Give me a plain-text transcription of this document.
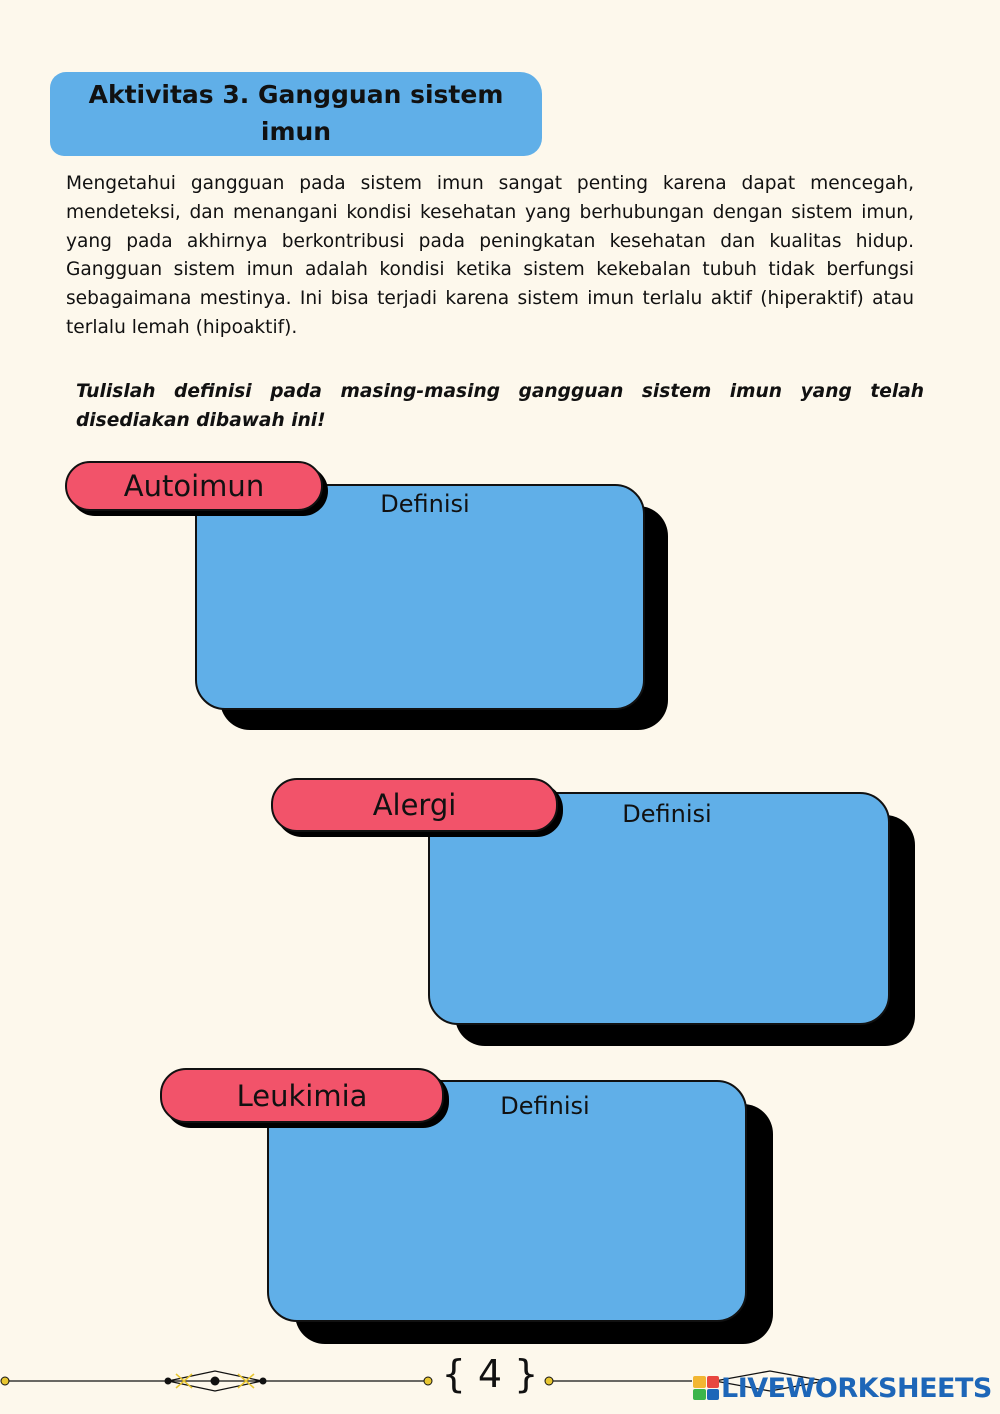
Aktivitas 3. Gangguan sistem
imun

Mengetahui gangguan pada sistem imun sangat penting karena dapat mencegah, mendeteksi, dan menangani kondisi kesehatan yang berhubungan dengan sistem imun, yang pada akhirnya berkontribusi pada peningkatan kesehatan dan kualitas hidup. Gangguan sistem imun adalah kondisi ketika sistem kekebalan tubuh tidak berfungsi sebagaimana mestinya. Ini bisa terjadi karena sistem imun terlalu aktif (hiperaktif) atau terlalu lemah (hipoaktif).

Tulislah definisi pada masing-masing gangguan sistem imun yang telah disediakan dibawah ini!

Definisi
Autoimun
Definisi
Alergi
Definisi
Leukimia
{ 4 }	LIVEWORKSHEETS
